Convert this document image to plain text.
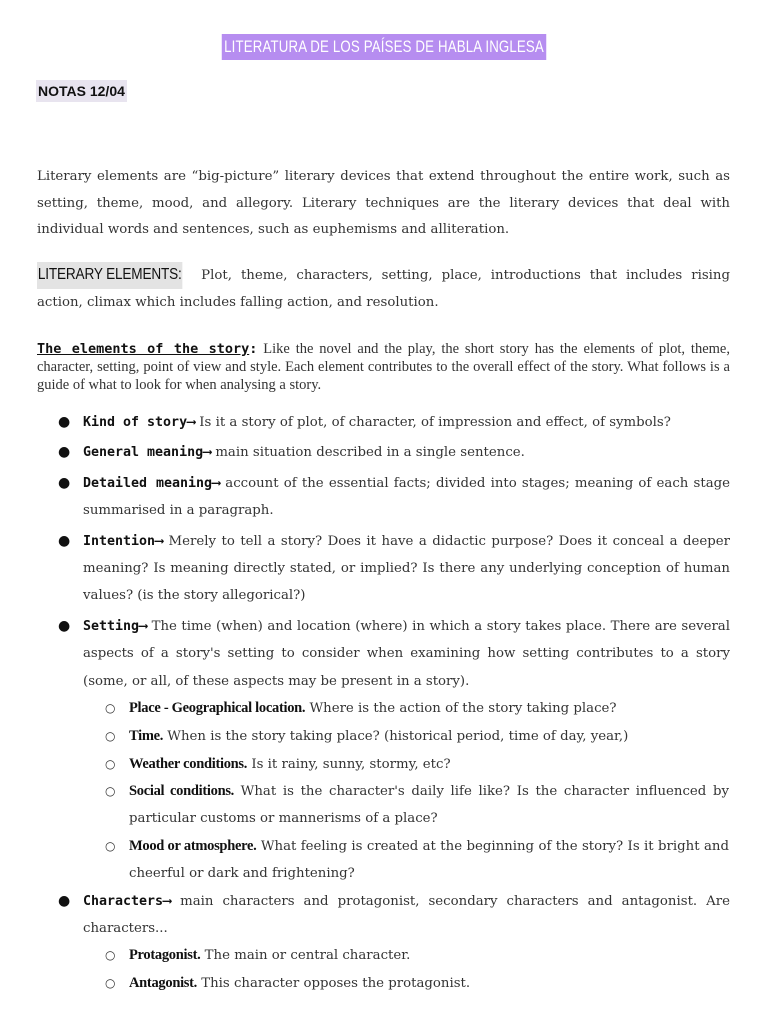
LITERATURA DE LOS PAÍSES DE HABLA INGLESA
NOTAS 12/04

Literary elements are “big-picture” literary devices that extend throughout the entire work, such as setting, theme, mood, and allegory. Literary techniques are the literary devices that deal with individual words and sentences, such as euphemisms and alliteration.

LITERARY ELEMENTS: Plot, theme, characters, setting, place, introductions that includes rising action, climax which includes falling action, and resolution.

The elements of the story: Like the novel and the play, the short story has the elements of plot, theme, character, setting, point of view and style. Each element contributes to the overall effect of the story. What follows is a guide of what to look for when analysing a story.

● Kind of story⟶ Is it a story of plot, of character, of impression and effect, of symbols?
● General meaning⟶ main situation described in a single sentence.
● Detailed meaning⟶ account of the essential facts; divided into stages; meaning of each stage summarised in a paragraph.
● Intention⟶ Merely to tell a story? Does it have a didactic purpose? Does it conceal a deeper meaning? Is meaning directly stated, or implied? Is there any underlying conception of human values? (is the story allegorical?)
● Setting⟶ The time (when) and location (where) in which a story takes place. There are several aspects of a story's setting to consider when examining how setting contributes to a story (some, or all, of these aspects may be present in a story).
○ Place - Geographical location. Where is the action of the story taking place?
○ Time. When is the story taking place? (historical period, time of day, year,)
○ Weather conditions. Is it rainy, sunny, stormy, etc?
○ Social conditions. What is the character's daily life like? Is the character influenced by particular customs or mannerisms of a place?
○ Mood or atmosphere. What feeling is created at the beginning of the story? Is it bright and cheerful or dark and frightening?
● Characters⟶ main characters and protagonist, secondary characters and antagonist. Are characters...
○ Protagonist. The main or central character.
○ Antagonist. This character opposes the protagonist.
